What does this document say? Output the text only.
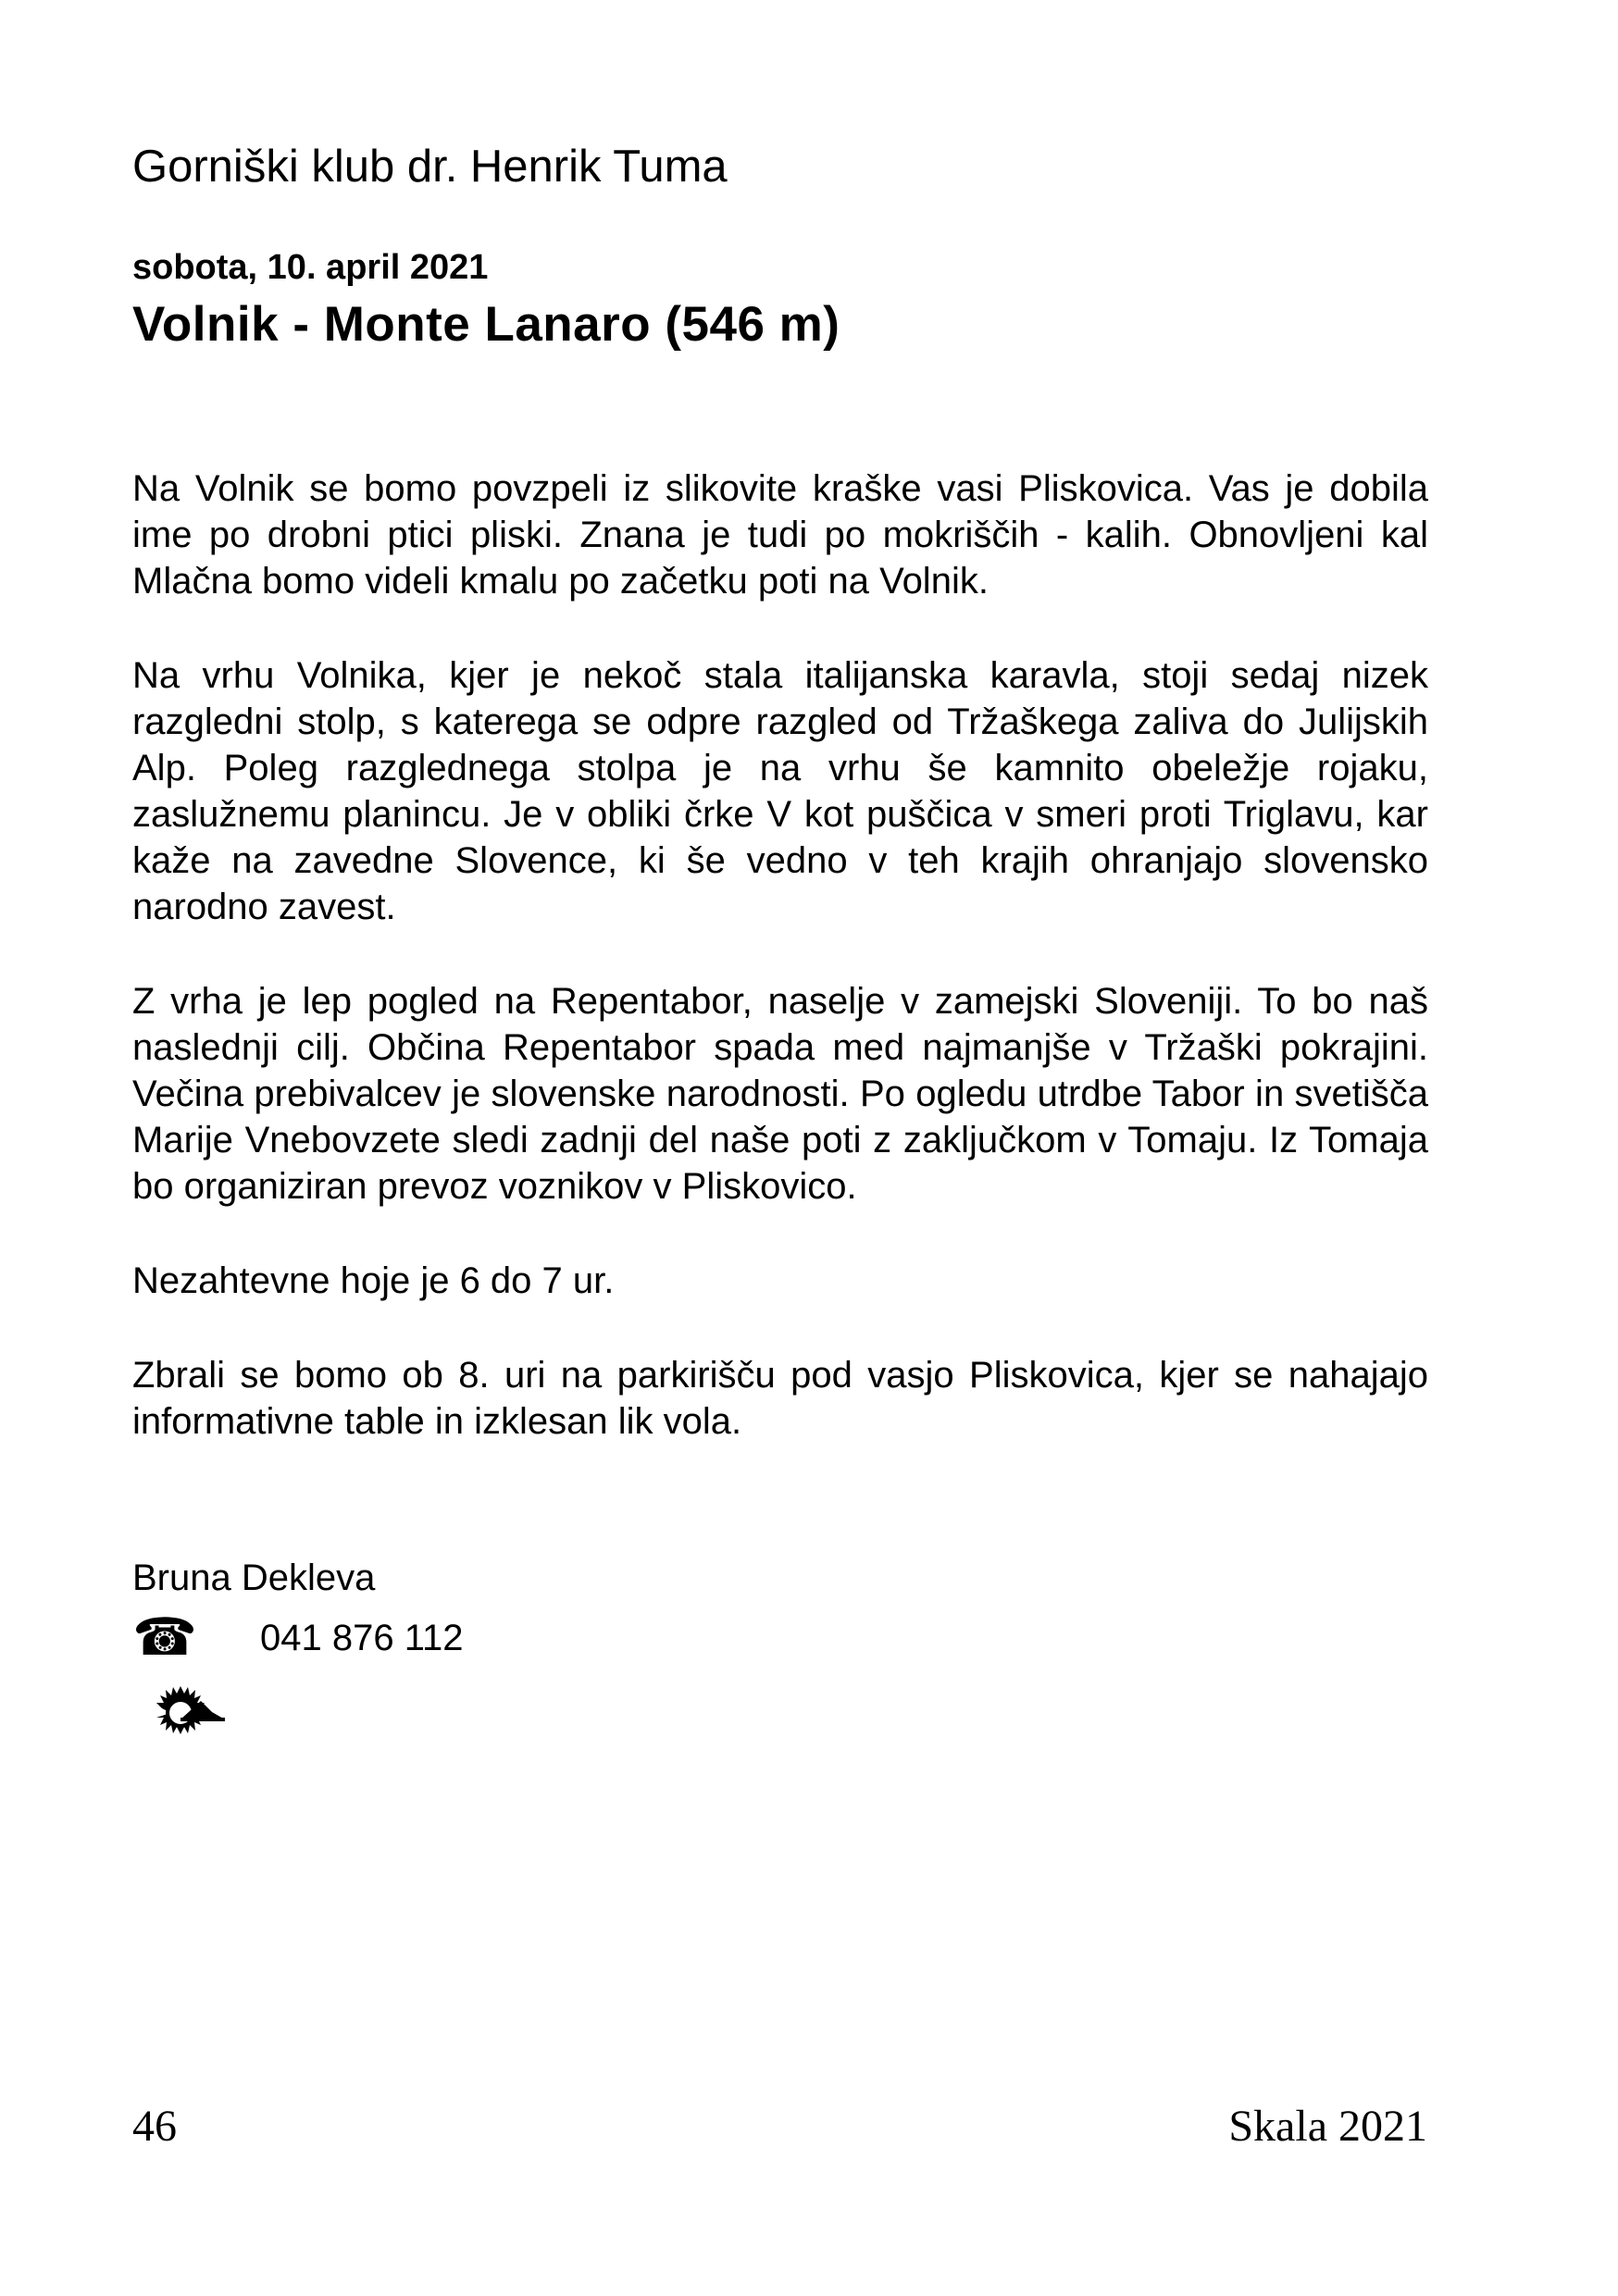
Gorniški klub dr. Henrik Tuma
sobota, 10. april 2021
Volnik - Monte Lanaro (546 m)

Na Volnik se bomo povzpeli iz slikovite kraške vasi Pliskovica. Vas je dobila ime po drobni ptici pliski. Znana je tudi po mokriščih - kalih. Obnovljeni kal Mlačna bomo videli kmalu po začetku poti na Volnik.

Na vrhu Volnika, kjer je nekoč stala italijanska karavla, stoji sedaj nizek razgledni stolp, s katerega se odpre razgled od Tržaškega zaliva do Julijskih Alp. Poleg razglednega stolpa je na vrhu še kamnito obeležje rojaku, zaslužnemu planincu. Je v obliki črke V kot puščica v smeri proti Triglavu, kar kaže na zavedne Slovence, ki še vedno v teh krajih ohranjajo slovensko narodno zavest.

Z vrha je lep pogled na Repentabor, naselje v zamejski Sloveniji. To bo naš naslednji cilj. Občina Repentabor spada med najmanjše v Tržaški pokrajini. Večina prebivalcev je slovenske narodnosti. Po ogledu utrdbe Tabor in svetišča Marije Vnebovzete sledi zadnji del naše poti z zaključkom v Tomaju. Iz Tomaja bo organiziran prevoz voznikov v Pliskovico.

Nezahtevne hoje je 6 do 7 ur.

Zbrali se bomo ob 8. uri na parkirišču pod vasjo Pliskovica, kjer se nahajajo informativne table in izklesan lik vola.

Bruna Dekleva
☎ 041 876 112
46	Skala 2021
